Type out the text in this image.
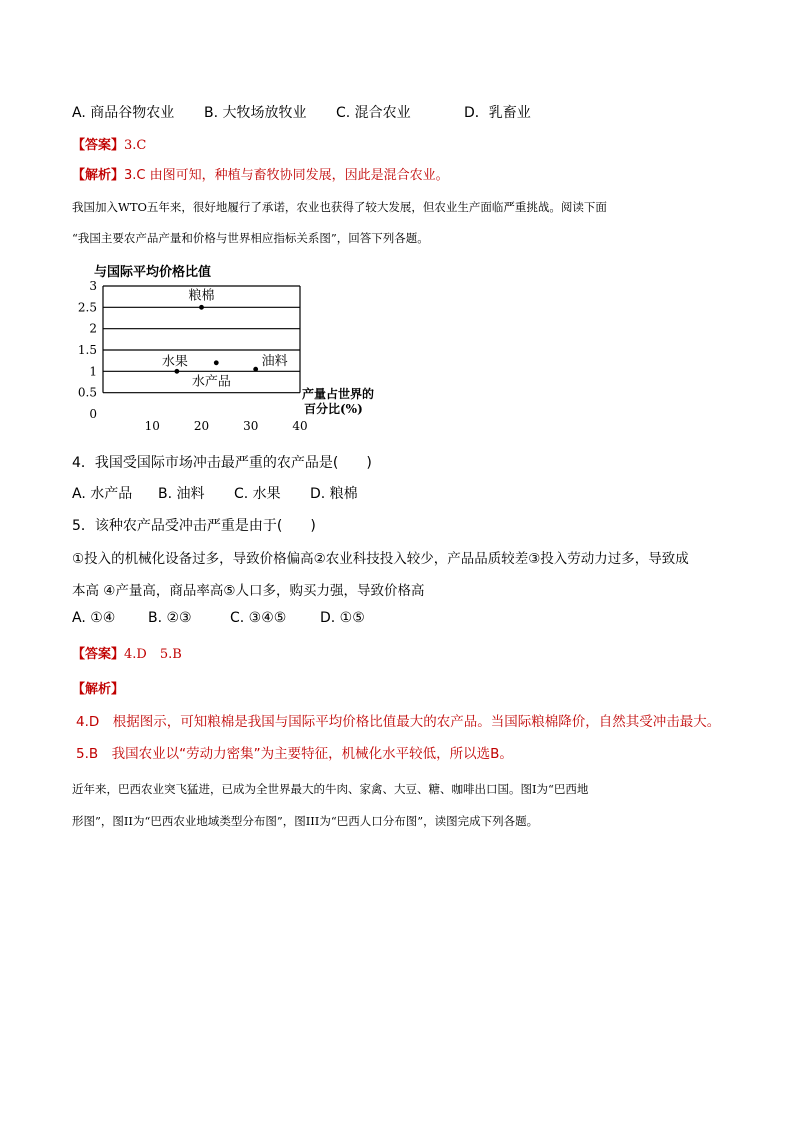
A. 商品谷物农业 B. 大牧场放牧业 C. 混合农业	D．乳畜业
【答案】3.C
【解析】3.C 由图可知，种植与畜牧协同发展，因此是混合农业。
我国加入WTO五年来，很好地履行了承诺，农业也获得了较大发展，但农业生产面临严重挑战。阅读下面
“我国主要农产品产量和价格与世界相应指标关系图”，回答下列各题。
与国际平均价格比值
0
0.5
1
1.5
2
2.5
3
10	20	30	40
粮棉
水果
水产品
油料
产量占世界的
百分比(%)
4．我国受国际市场冲击最严重的农产品是(　　)
A. 水产品 B. 油料 C. 水果 D. 粮棉
5．该种农产品受冲击严重是由于(　　)
①投入的机械化设备过多，导致价格偏高②农业科技投入较少，产品品质较差③投入劳动力过多，导致成
本高 ④产量高，商品率高⑤人口多，购买力强，导致价格高
A. ①④ B. ②③	C. ③④⑤ D. ①⑤
【答案】4.D　5.B
【解析】
4.D　根据图示，可知粮棉是我国与国际平均价格比值最大的农产品。当国际粮棉降价，自然其受冲击最大。
5.B　我国农业以“劳动力密集”为主要特征，机械化水平较低，所以选B。
近年来，巴西农业突飞猛进，已成为全世界最大的牛肉、家禽、大豆、糖、咖啡出口国。图Ⅰ为“巴西地
形图”，图ⅠⅠ为“巴西农业地域类型分布图”，图ⅠⅠⅠ为“巴西人口分布图”，读图完成下列各题。
